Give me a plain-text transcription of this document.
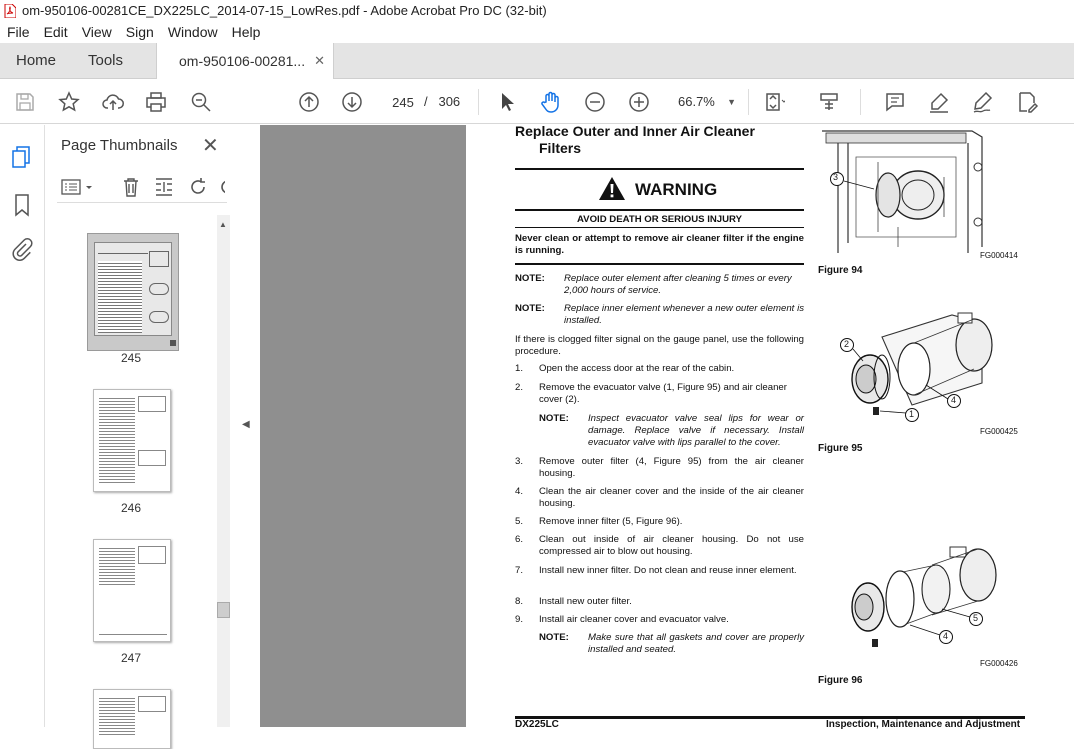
om-950106-00281CE_DX225LC_2014-07-15_LowRes.pdf - Adobe Acrobat Pro DC (32-bit)
File	Edit	View	Sign	Window	Help
Home Tools	om-950106-00281... ✕
245 / 306	66.7% ▼
Page Thumbnails ✕
245
246
247
▲
◀
Replace Outer and Inner Air Cleaner
Filters
WARNING
AVOID DEATH OR SERIOUS INJURY
Never clean or attempt to remove air cleaner filter if the engine is running.
NOTE: Replace outer element after cleaning 5 times or every 2,000 hours of service.
NOTE: Replace inner element whenever a new outer element is installed.
If there is clogged filter signal on the gauge panel, use the following procedure.
1. Open the access door at the rear of the cabin.
2. Remove the evacuator valve (1, Figure 95) and air cleaner cover (2).
NOTE: Inspect evacuator valve seal lips for wear or damage. Replace valve if necessary. Install evacuator valve with lips parallel to the cover.
3. Remove outer filter (4, Figure 95) from the air cleaner housing.
4. Clean the air cleaner cover and the inside of the air cleaner housing.
5. Remove inner filter (5, Figure 96).
6. Clean out inside of air cleaner housing. Do not use compressed air to blow out housing.
7. Install new inner filter. Do not clean and reuse inner element.
8. Install new outer filter.
9. Install air cleaner cover and evacuator valve.
NOTE: Make sure that all gaskets and cover are properly installed and seated.
3
FG000414
Figure 94
2
1
4
FG000425
Figure 95
5
4
FG000426
Figure 96
DX225LC	Inspection, Maintenance and Adjustment
